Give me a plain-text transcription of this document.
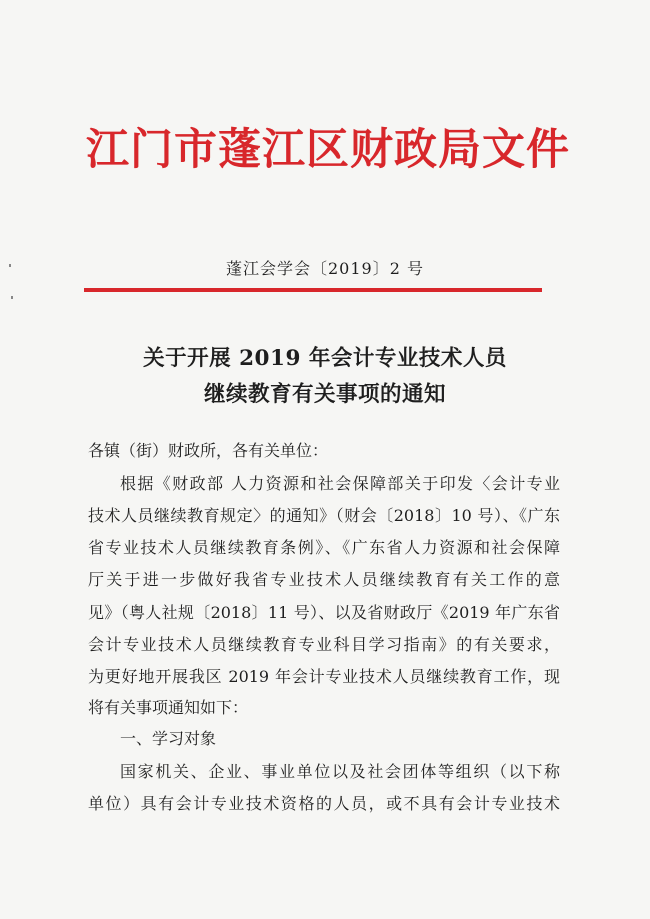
江门市蓬江区财政局文件
蓬江会学会〔2019〕2 号
关于开展 2019 年会计专业技术人员
继续教育有关事项的通知
各镇（街）财政所，各有关单位：
根据《财政部 人力资源和社会保障部关于印发〈会计专业
技术人员继续教育规定〉的通知》（财会〔2018〕10 号）、《广东
省专业技术人员继续教育条例》、《广东省人力资源和社会保障
厅关于进一步做好我省专业技术人员继续教育有关工作的意
见》（粤人社规〔2018〕11 号）、以及省财政厅《2019 年广东省
会计专业技术人员继续教育专业科目学习指南》的有关要求，
为更好地开展我区 2019 年会计专业技术人员继续教育工作，现
将有关事项通知如下：
一、学习对象
国家机关、企业、事业单位以及社会团体等组织（以下称
单位）具有会计专业技术资格的人员，或不具有会计专业技术
